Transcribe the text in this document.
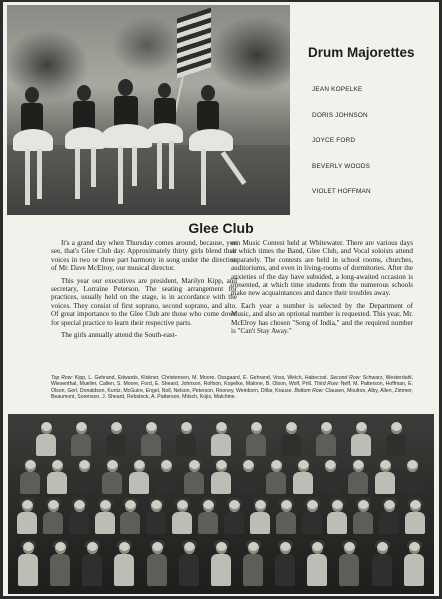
Drum Majorettes
JEAN KOPELKE
DORIS JOHNSON
JOYCE FORD
BEVERLY WOODS
VIOLET HOFFMAN
Glee Club

It's a grand day when Thursday comes around, because, you see, that's Glee Club day. Approximately thirty girls blend their voices in two or three part harmony in song under the direction of Mr. Dave McElroy, our musical director.

This year our executives are president, Marilyn Kipp, and secretary, Lorraine Peterson. The seating arrangement for practices, usually held on the stage, is in accordance with the voices. They consist of first soprano, second soprano, and alto. Of great importance to the Glee Club are those who come down for special practice to learn their respective parts.

The girls annually attend the South-east-

ern Music Contest held at Whitewater. There are various days at which times the Band, Glee Club, and Vocal soloists attend separately. The contests are held in school rooms, churches, auditoriums, and even in living-rooms of dormitories. After the anxieties of the day have subsided, a long-awaited occasion is presented, at which time students from the numerous schools make new acquaintances and dance their troubles away.

Each year a number is selected by the Department of Music, and also an optional number is requested. This year, Mr. McElroy has chosen "Song of India," and the required number is "Can't Stay Away."

Top Row: Kipp, L. Gehrand, Edwards, Klokner, Christensen, M. Moore, Ossgaard, E. Gehrand, Voss, Welch, Habecost. Second Row: Schwarz, Westerdahl, Wiesenthal, Mueller, Callen, S. Moore, Ford, E. Sheard, Johnson, Rolfson, Kopelke, Malone, B. Olson, Wolf, Prill. Third Row: Neff, M. Patterson, Hoffman, E. Olson, Gerl, Donaldson, Kuntz, McGuire, Engel, Noll, Nelson, Peterson, Rooney, Weinborn, Dillar, Krause. Bottom Row: Clausen, Moulton, Alby, Allen, Zimmer, Beaumont, Sorenson, J. Sheard, Rebstock, A. Patterson, Mitsch, Kojis, Malchine.
